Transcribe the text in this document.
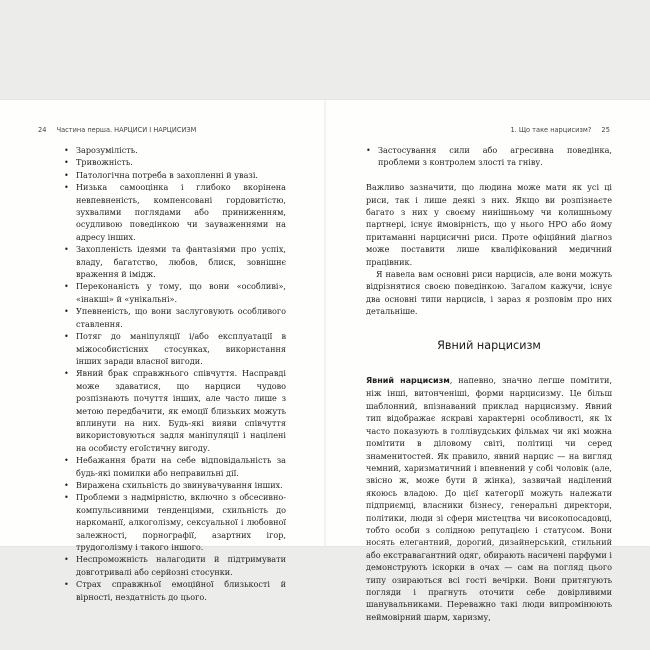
24 Частина перша. НАРЦИСИ І НАРЦИСИЗМ
• Зарозумілість.
• Тривожність.
• Патологічна потреба в захопленні й увазі.
• Низька самооцінка і глибоко вкорінена невпевненість, компенсовані гордовитістю, зухвалими поглядами або приниженням, осудливою поведінкою чи зауваженнями на адресу інших.
• Захопленість ідеями та фантазіями про успіх, владу, багатство, любов, блиск, зовнішнє враження й імідж.
• Переконаність у тому, що вони «особливі», «інакші» й «унікальні».
• Упевненість, що вони заслуговують особливого ставлення.
• Потяг до маніпуляції і/або експлуатації в міжособистісних стосунках, використання інших заради власної вигоди.
• Явний брак справжнього співчуття. Насправді може здаватися, що нарциси чудово розпізнають почуття інших, але часто лише з метою передбачити, як емоції близьких можуть вплинути на них. Будь-які вияви співчуття використовуються задля маніпуляції і націлені на особисту егоїстичну вигоду.
• Небажання брати на себе відповідальність за будь-які помилки або неправильні дії.
• Виражена схильність до звинувачування інших.
• Проблеми з надмірністю, включно з обсесивно-компульсивними тенденціями, схильність до наркоманії, алкоголізму, сексуальної і любовної залежності, порнографії, азартних ігор, трудоголізму і такого іншого.
• Неспроможність налагодити й підтримувати довготривалі або серйозні стосунки.
• Страх справжньої емоційної близькості й вірності, нездатність до цього.
1. Що таке нарцисизм? 25
• Застосування сили або агресивна поведінка, проблеми з контролем злості та гніву.

Важливо зазначити, що людина може мати як усі ці риси, так і лише деякі з них. Якщо ви розпізнаєте багато з них у своєму нинішньому чи колишньому партнері, існує ймовірність, що у нього НРО або йому притаманні нарцисичні риси. Проте офіційний діагноз може поставити лише кваліфікований медичний працівник.

Я навела вам основні риси нарцисів, але вони можуть відрізнятися своєю поведінкою. Загалом кажучи, існує два основні типи нарцисів, і зараз я розповім про них детальніше.

Явний нарцисизм

Явний нарцисизм, напевно, значно легше помітити, ніж інші, витонченіші, форми нарцисизму. Це більш шаблонний, впізнаваний приклад нарцисизму. Явний тип відображає яскраві характерні особливості, як їх часто показують в голлівудських фільмах чи які можна помітити в діловому світі, політиці чи серед знаменитостей. Як правило, явний нарцис — на вигляд чемний, харизматичний і впевнений у собі чоловік (але, звісно ж, може бути й жінка), зазвичай наділений якоюсь владою. До цієї категорії можуть належати підприємці, власники бізнесу, генеральні директори, політики, люди зі сфери мистецтва чи високопосадовці, тобто особи з солідною репутацією і статусом. Вони носять елегантний, дорогий, дизайнерський, стильний або екстравагантний одяг, обирають насичені парфуми і демонструють іскорки в очах — сам на погляд цього типу озираються всі гості вечірки. Вони притягують погляди і прагнуть оточити себе довірливими шанувальниками. Переважно такі люди випромінюють неймовірний шарм, харизму,
